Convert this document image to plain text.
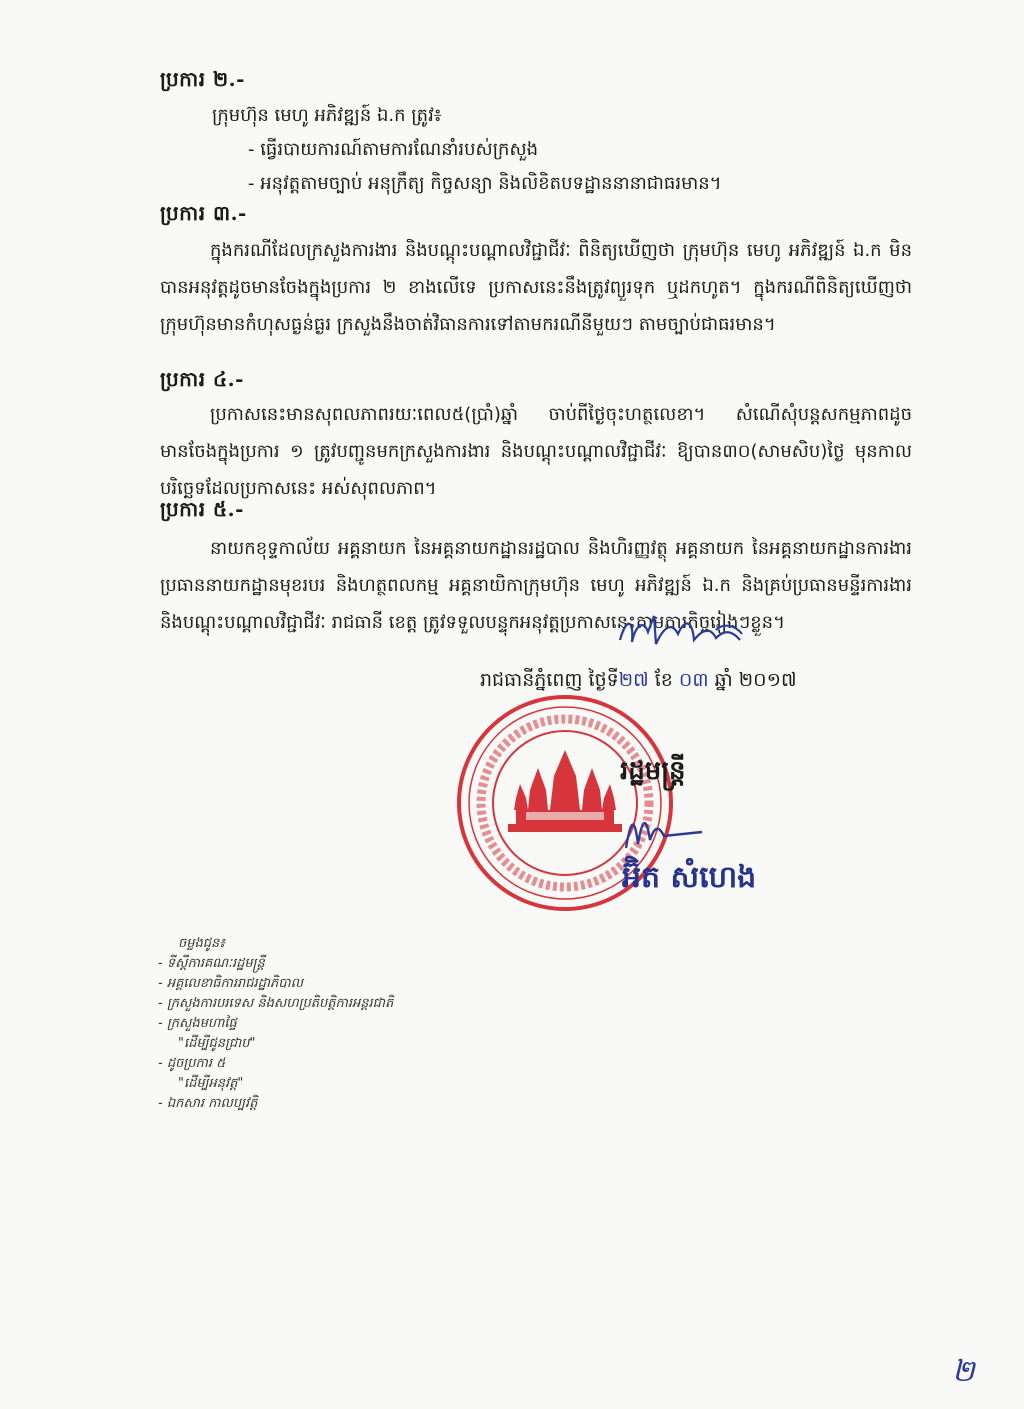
ប្រការ ២.-
ក្រុមហ៊ុន មេហូ អភិវឌ្ឍន៍ ឯ.ក ត្រូវ៖
- ធ្វើរបាយការណ៍តាមការណែនាំរបស់ក្រសួង
- អនុវត្តតាមច្បាប់ អនុក្រឹត្យ កិច្ចសន្យា និងលិខិតបទដ្ឋាននានាជាធរមាន។
ប្រការ ៣.-
ក្នុងករណីដែលក្រសួងការងារ និងបណ្តុះបណ្តាលវិជ្ជាជីវៈ ពិនិត្យឃើញថា ក្រុមហ៊ុន មេហូ អភិវឌ្ឍន៍ ឯ.ក មិនបានអនុវត្តដូចមានចែងក្នុងប្រការ ២ ខាងលើទេ ប្រកាសនេះនឹងត្រូវព្យួរទុក ឬដកហូត។ ក្នុងករណីពិនិត្យឃើញថា ក្រុមហ៊ុនមានកំហុសធ្ងន់ធ្ងរ ក្រសួងនឹងចាត់វិធានការទៅតាមករណីនីមួយៗ តាមច្បាប់ជាធរមាន។
ប្រការ ៤.-
ប្រកាសនេះមានសុពលភាពរយៈពេល៥(ប្រាំ)ឆ្នាំ ចាប់ពីថ្ងៃចុះហត្ថលេខា។ សំណើសុំបន្តសកម្មភាពដូចមានចែងក្នុងប្រការ ១ ត្រូវបញ្ជូនមកក្រសួងការងារ និងបណ្តុះបណ្តាលវិជ្ជាជីវៈ ឱ្យបាន៣០(សាមសិប)ថ្ងៃ មុនកាលបរិច្ឆេទដែលប្រកាសនេះ អស់សុពលភាព។
ប្រការ ៥.-
នាយកខុទ្ទកាល័យ អគ្គនាយក នៃអគ្គនាយកដ្ឋានរដ្ឋបាល និងហិរញ្ញវត្ថុ អគ្គនាយក នៃអគ្គនាយកដ្ឋានការងារ ប្រធាននាយកដ្ឋានមុខរបរ និងហត្ថពលកម្ម អគ្គនាយិកាក្រុមហ៊ុន មេហូ អភិវឌ្ឍន៍ ឯ.ក និងគ្រប់ប្រធានមន្ទីរការងារ និងបណ្តុះបណ្តាលវិជ្ជាជីវៈ រាជធានី ខេត្ត ត្រូវទទួលបន្ទុកអនុវត្តប្រកាសនេះតាមភារកិច្ចរៀងៗខ្លួន។
រាជធានីភ្នំពេញ ថ្ងៃទី២៧ ខែ ០៣ ឆ្នាំ ២០១៧
រដ្ឋមន្ត្រី
អ៊ិត សំហេង
ចម្លងជូន៖
- ទីស្តីការគណៈរដ្ឋមន្ត្រី
- អគ្គលេខាធិការរាជរដ្ឋាភិបាល
- ក្រសួងការបរទេស និងសហប្រតិបត្តិការអន្តរជាតិ
- ក្រសួងមហាផ្ទៃ
"ដើម្បីជូនជ្រាប"
- ដូចប្រការ ៥
"ដើម្បីអនុវត្ត"
- ឯកសារ កាលប្បវត្តិ
២
